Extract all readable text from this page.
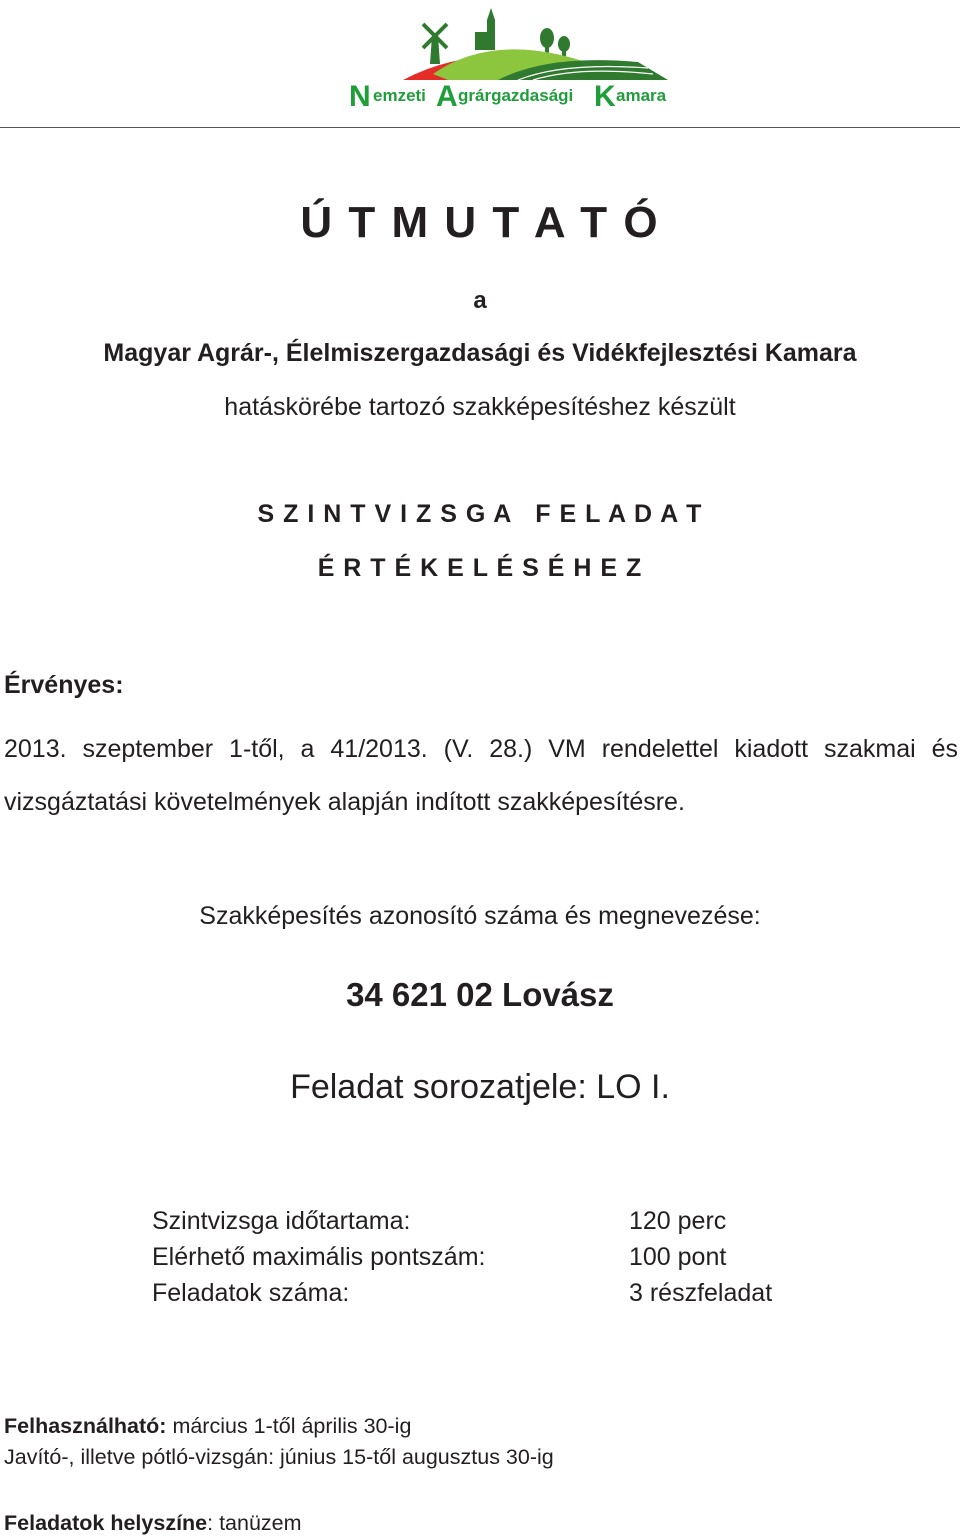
N emzeti A grárgazdasági K amara
Ú T M U T A T Ó
a
Magyar Agrár-, Élelmiszergazdasági és Vidékfejlesztési Kamara
hatáskörébe tartozó szakképesítéshez készült
S Z I N T V I Z S G A   F E L A D A T
É R T É K E L É S É H E Z
Érvényes:

2013. szeptember 1-től, a 41/2013. (V. 28.) VM rendelettel kiadott szakmai és vizsgáztatási követelmények alapján indított szakképesítésre.

Szakképesítés azonosító száma és megnevezése:
34 621 02 Lovász
Feladat sorozatjele: LO I.
Szintvizsga időtartama:	120 perc
Elérhető maximális pontszám:	100 pont
Feladatok száma:	3 részfeladat
Felhasználható: március 1-től április 30-ig
Javító-, illetve pótló-vizsgán: június 15-től augusztus 30-ig
Feladatok helyszíne: tanüzem
